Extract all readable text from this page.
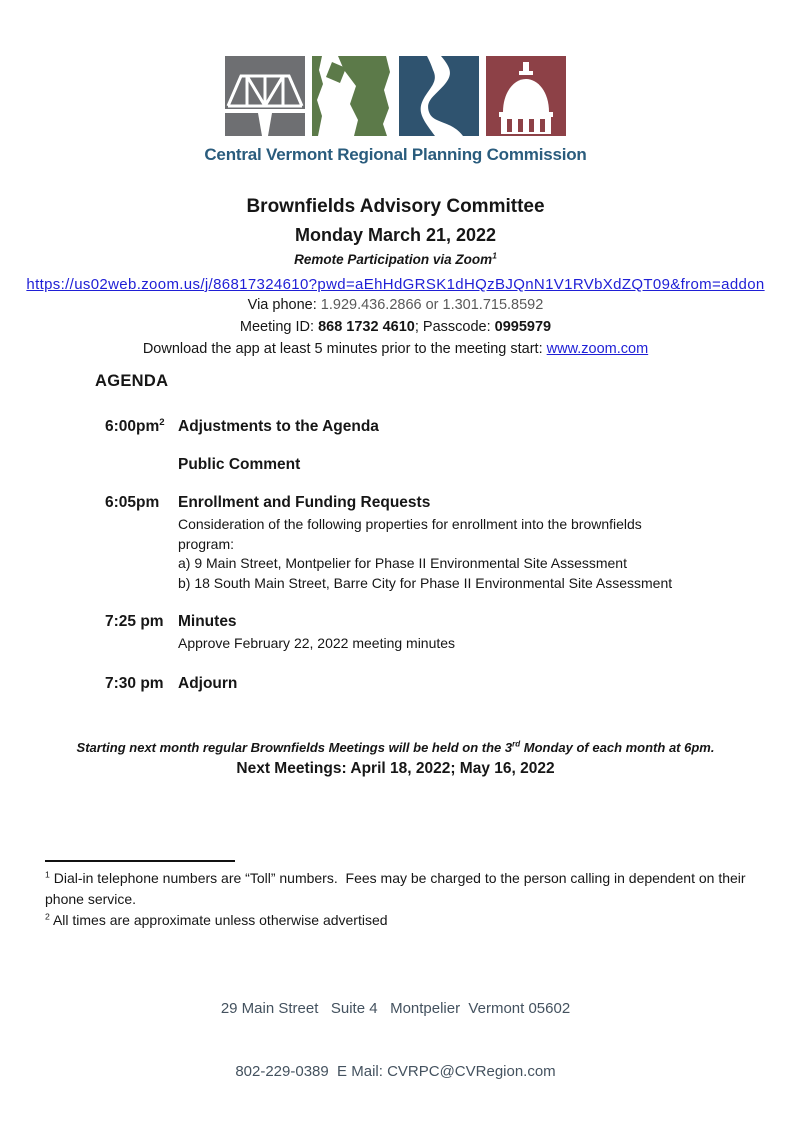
Central Vermont Regional Planning Commission
Brownfields Advisory Committee
Monday March 21, 2022
Remote Participation via Zoom$^1$
https://us02web.zoom.us/j/86817324610?pwd=aEhHdGRSK1dHQzBJQnN1V1RVbXdZQT09&from=addon
Via phone: 1.929.436.2866 or 1.301.715.8592
Meeting ID: 868 1732 4610; Passcode: 0995979
Download the app at least 5 minutes prior to the meeting start: www.zoom.com
AGENDA
$6:00pm^2$ Adjustments to the Agenda
Public Comment
6:05pm	Enrollment and Funding Requests
Consideration of the following properties for enrollment into the brownfields
program:
a) 9 Main Street, Montpelier for Phase II Environmental Site Assessment
b) 18 South Main Street, Barre City for Phase II Environmental Site Assessment
7:25 pm Minutes
Approve February 22, 2022 meeting minutes
7:30 pm Adjourn
Starting next month regular Brownfields Meetings will be held on the 3rd Monday of each month at 6pm.
Next Meetings: April 18, 2022; May 16, 2022
$^1$ Dial-in telephone numbers are “Toll” numbers.  Fees may be charged to the person calling in dependent on their phone service.
$^2$ All times are approximate unless otherwise advertised

29 Main Street   Suite 4   Montpelier  Vermont 05602

802-229-0389  E Mail: CVRPC@CVRegion.com
